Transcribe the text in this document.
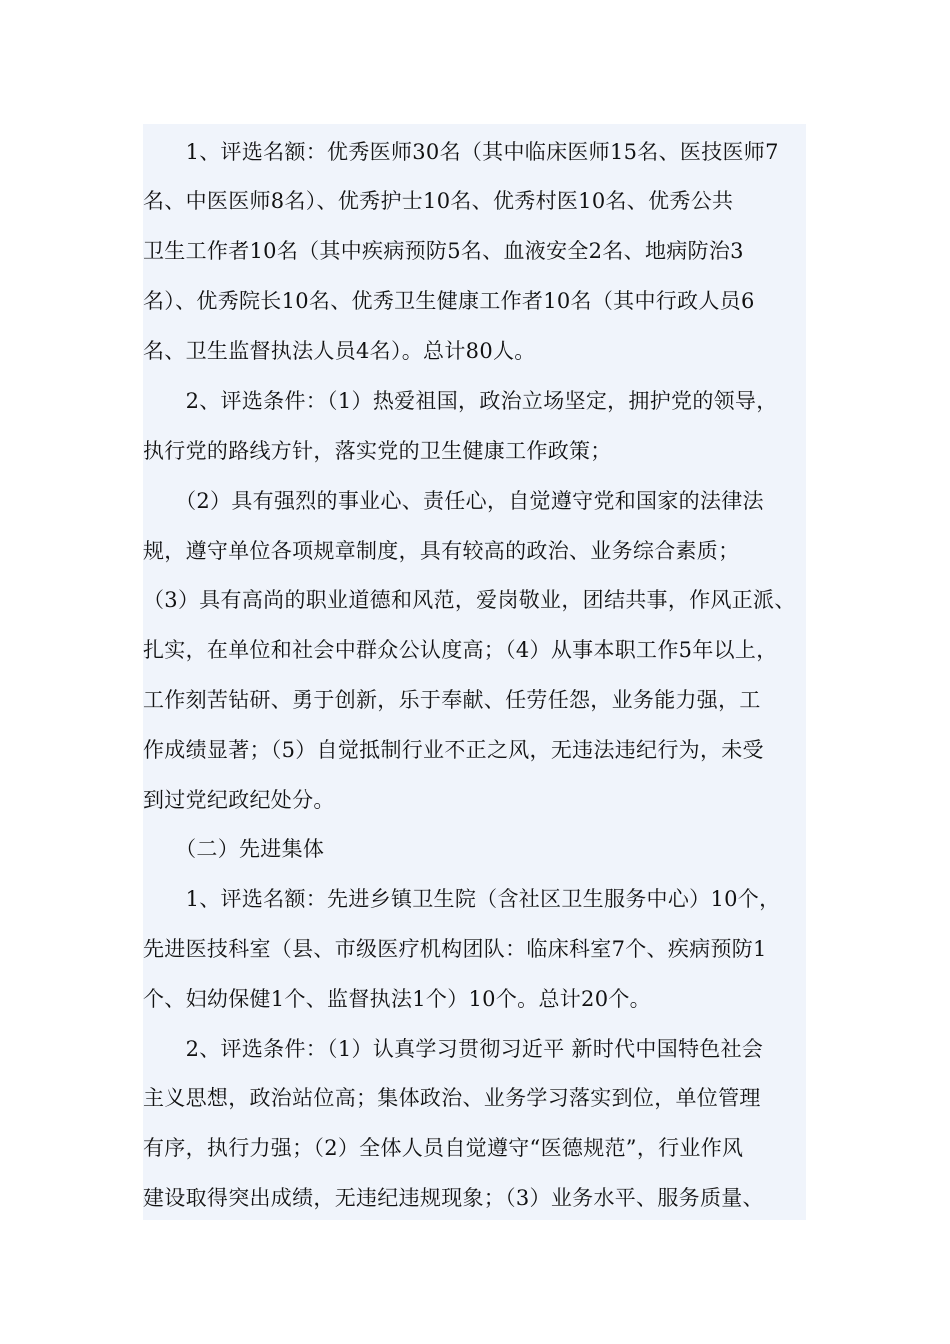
　　1、评选名额：优秀医师30名（其中临床医师15名、医技医师7
名、中医医师8名）、优秀护士10名、优秀村医10名、优秀公共
卫生工作者10名（其中疾病预防5名、血液安全2名、地病防治3
名）、优秀院长10名、优秀卫生健康工作者10名（其中行政人员6
名、卫生监督执法人员4名）。总计80人。
　　2、评选条件：（1）热爱祖国，政治立场坚定，拥护党的领导，
执行党的路线方针，落实党的卫生健康工作政策；
　　（2）具有强烈的事业心、责任心，自觉遵守党和国家的法律法
规，遵守单位各项规章制度，具有较高的政治、业务综合素质；
（3）具有高尚的职业道德和风范，爱岗敬业，团结共事，作风正派、
扎实，在单位和社会中群众公认度高；（4）从事本职工作5年以上，
工作刻苦钻研、勇于创新，乐于奉献、任劳任怨，业务能力强，工
作成绩显著；（5）自觉抵制行业不正之风，无违法违纪行为，未受
到过党纪政纪处分。
　　（二）先进集体
　　1、评选名额：先进乡镇卫生院（含社区卫生服务中心）10个，
先进医技科室（县、市级医疗机构团队：临床科室7个、疾病预防1
个、妇幼保健1个、监督执法1个）10个。总计20个。
　　2、评选条件：（1）认真学习贯彻习近平 新时代中国特色社会
主义思想，政治站位高；集体政治、业务学习落实到位，单位管理
有序，执行力强；（2）全体人员自觉遵守“医德规范”，行业作风
建设取得突出成绩，无违纪违规现象；（3）业务水平、服务质量、
